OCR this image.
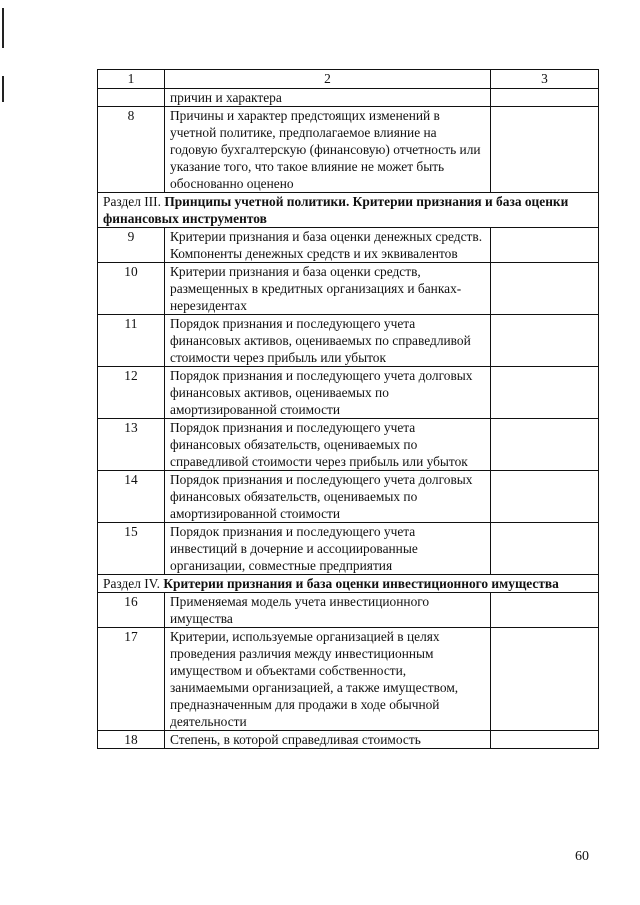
1	2	3
	причин и характера	
8	Причины и характер предстоящих изменений в учетной политике, предполагаемое влияние на годовую бухгалтерскую (финансовую) отчетность или указание того, что такое влияние не может быть обоснованно оценено	
Раздел III. Принципы учетной политики. Критерии признания и база оценки финансовых инструментов		
9	Критерии признания и база оценки денежных средств. Компоненты денежных средств и их эквивалентов	
10	Критерии признания и база оценки средств, размещенных в кредитных организациях и банках-нерезидентах	
11	Порядок признания и последующего учета финансовых активов, оцениваемых по справедливой стоимости через прибыль или убыток	
12	Порядок признания и последующего учета долговых финансовых активов, оцениваемых по амортизированной стоимости	
13	Порядок признания и последующего учета финансовых обязательств, оцениваемых по справедливой стоимости через прибыль или убыток	
14	Порядок признания и последующего учета долговых финансовых обязательств, оцениваемых по амортизированной стоимости	
15	Порядок признания и последующего учета инвестиций в дочерние и ассоциированные организации, совместные предприятия	
Раздел IV. Критерии признания и база оценки инвестиционного имущества		
16	Применяемая модель учета инвестиционного имущества	
17	Критерии, используемые организацией в целях проведения различия между инвестиционным имуществом и объектами собственности, занимаемыми организацией, а также имуществом, предназначенным для продажи в ходе обычной деятельности	
18	Степень, в которой справедливая стоимость	
60
